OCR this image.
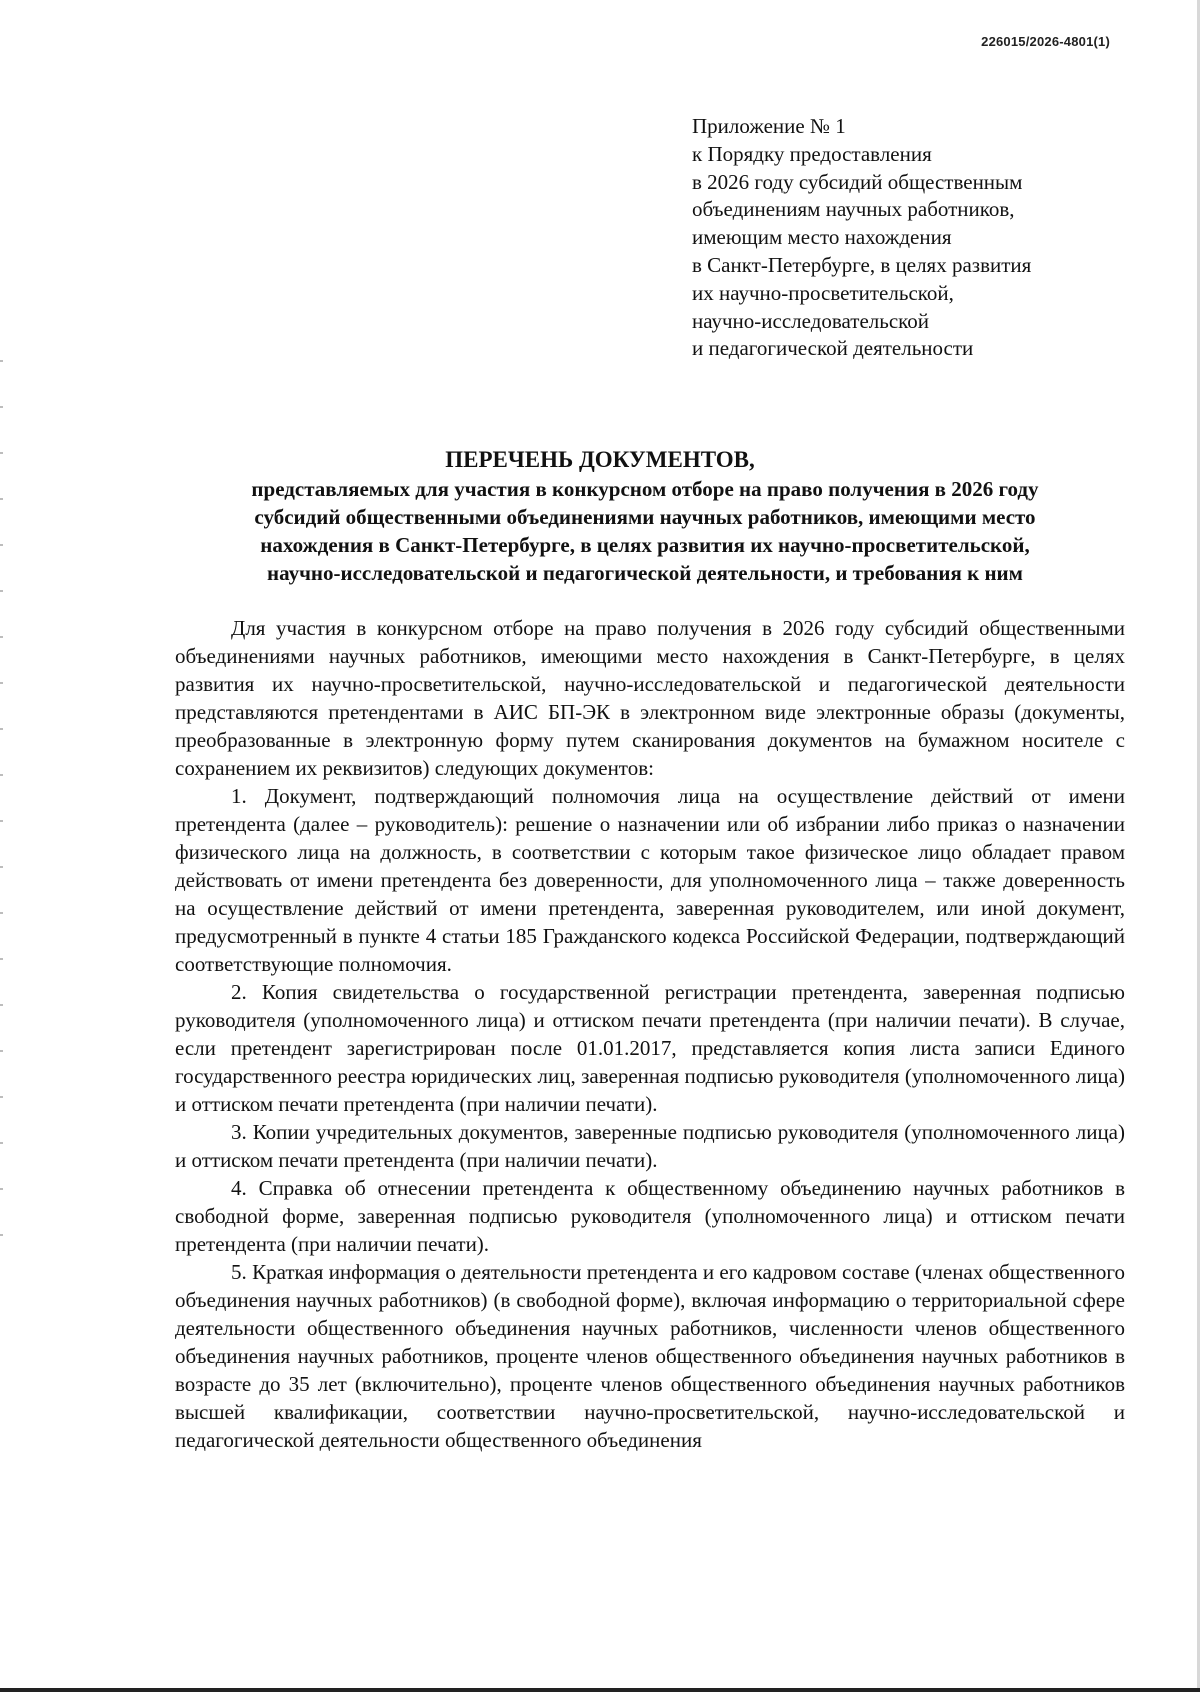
226015/2026-4801(1)
Приложение № 1
к Порядку предоставления
в 2026 году субсидий общественным
объединениям научных работников,
имеющим место нахождения
в Санкт-Петербурге, в целях развития
их научно-просветительской,
научно-исследовательской
и педагогической деятельности
ПЕРЕЧЕНЬ ДОКУМЕНТОВ,
представляемых для участия в конкурсном отборе на право получения в 2026 году
субсидий общественными объединениями научных работников, имеющими место
нахождения в Санкт-Петербурге, в целях развития их научно-просветительской,
научно-исследовательской и педагогической деятельности, и требования к ним

Для участия в конкурсном отборе на право получения в 2026 году субсидий общественными объединениями научных работников, имеющими место нахождения в Санкт-Петербурге, в целях развития их научно-просветительской, научно-исследовательской и педагогической деятельности представляются претендентами в АИС БП-ЭК в электронном виде электронные образы (документы, преобразованные в электронную форму путем сканирования документов на бумажном носителе с сохранением их реквизитов) следующих документов:

1. Документ, подтверждающий полномочия лица на осуществление действий от имени претендента (далее – руководитель): решение о назначении или об избрании либо приказ о назначении физического лица на должность, в соответствии с которым такое физическое лицо обладает правом действовать от имени претендента без доверенности, для уполномоченного лица – также доверенность на осуществление действий от имени претендента, заверенная руководителем, или иной документ, предусмотренный в пункте 4 статьи 185 Гражданского кодекса Российской Федерации, подтверждающий соответствующие полномочия.

2. Копия свидетельства о государственной регистрации претендента, заверенная подписью руководителя (уполномоченного лица) и оттиском печати претендента (при наличии печати). В случае, если претендент зарегистрирован после 01.01.2017, представляется копия листа записи Единого государственного реестра юридических лиц, заверенная подписью руководителя (уполномоченного лица) и оттиском печати претендента (при наличии печати).

3. Копии учредительных документов, заверенные подписью руководителя (уполномоченного лица) и оттиском печати претендента (при наличии печати).

4. Справка об отнесении претендента к общественному объединению научных работников в свободной форме, заверенная подписью руководителя (уполномоченного лица) и оттиском печати претендента (при наличии печати).

5. Краткая информация о деятельности претендента и его кадровом составе (членах общественного объединения научных работников) (в свободной форме), включая информацию о территориальной сфере деятельности общественного объединения научных работников, численности членов общественного объединения научных работников, проценте членов общественного объединения научных работников в возрасте до 35 лет (включительно), проценте членов общественного объединения научных работников высшей квалификации, соответствии научно-просветительской, научно-исследовательской и педагогической деятельности общественного объединения
